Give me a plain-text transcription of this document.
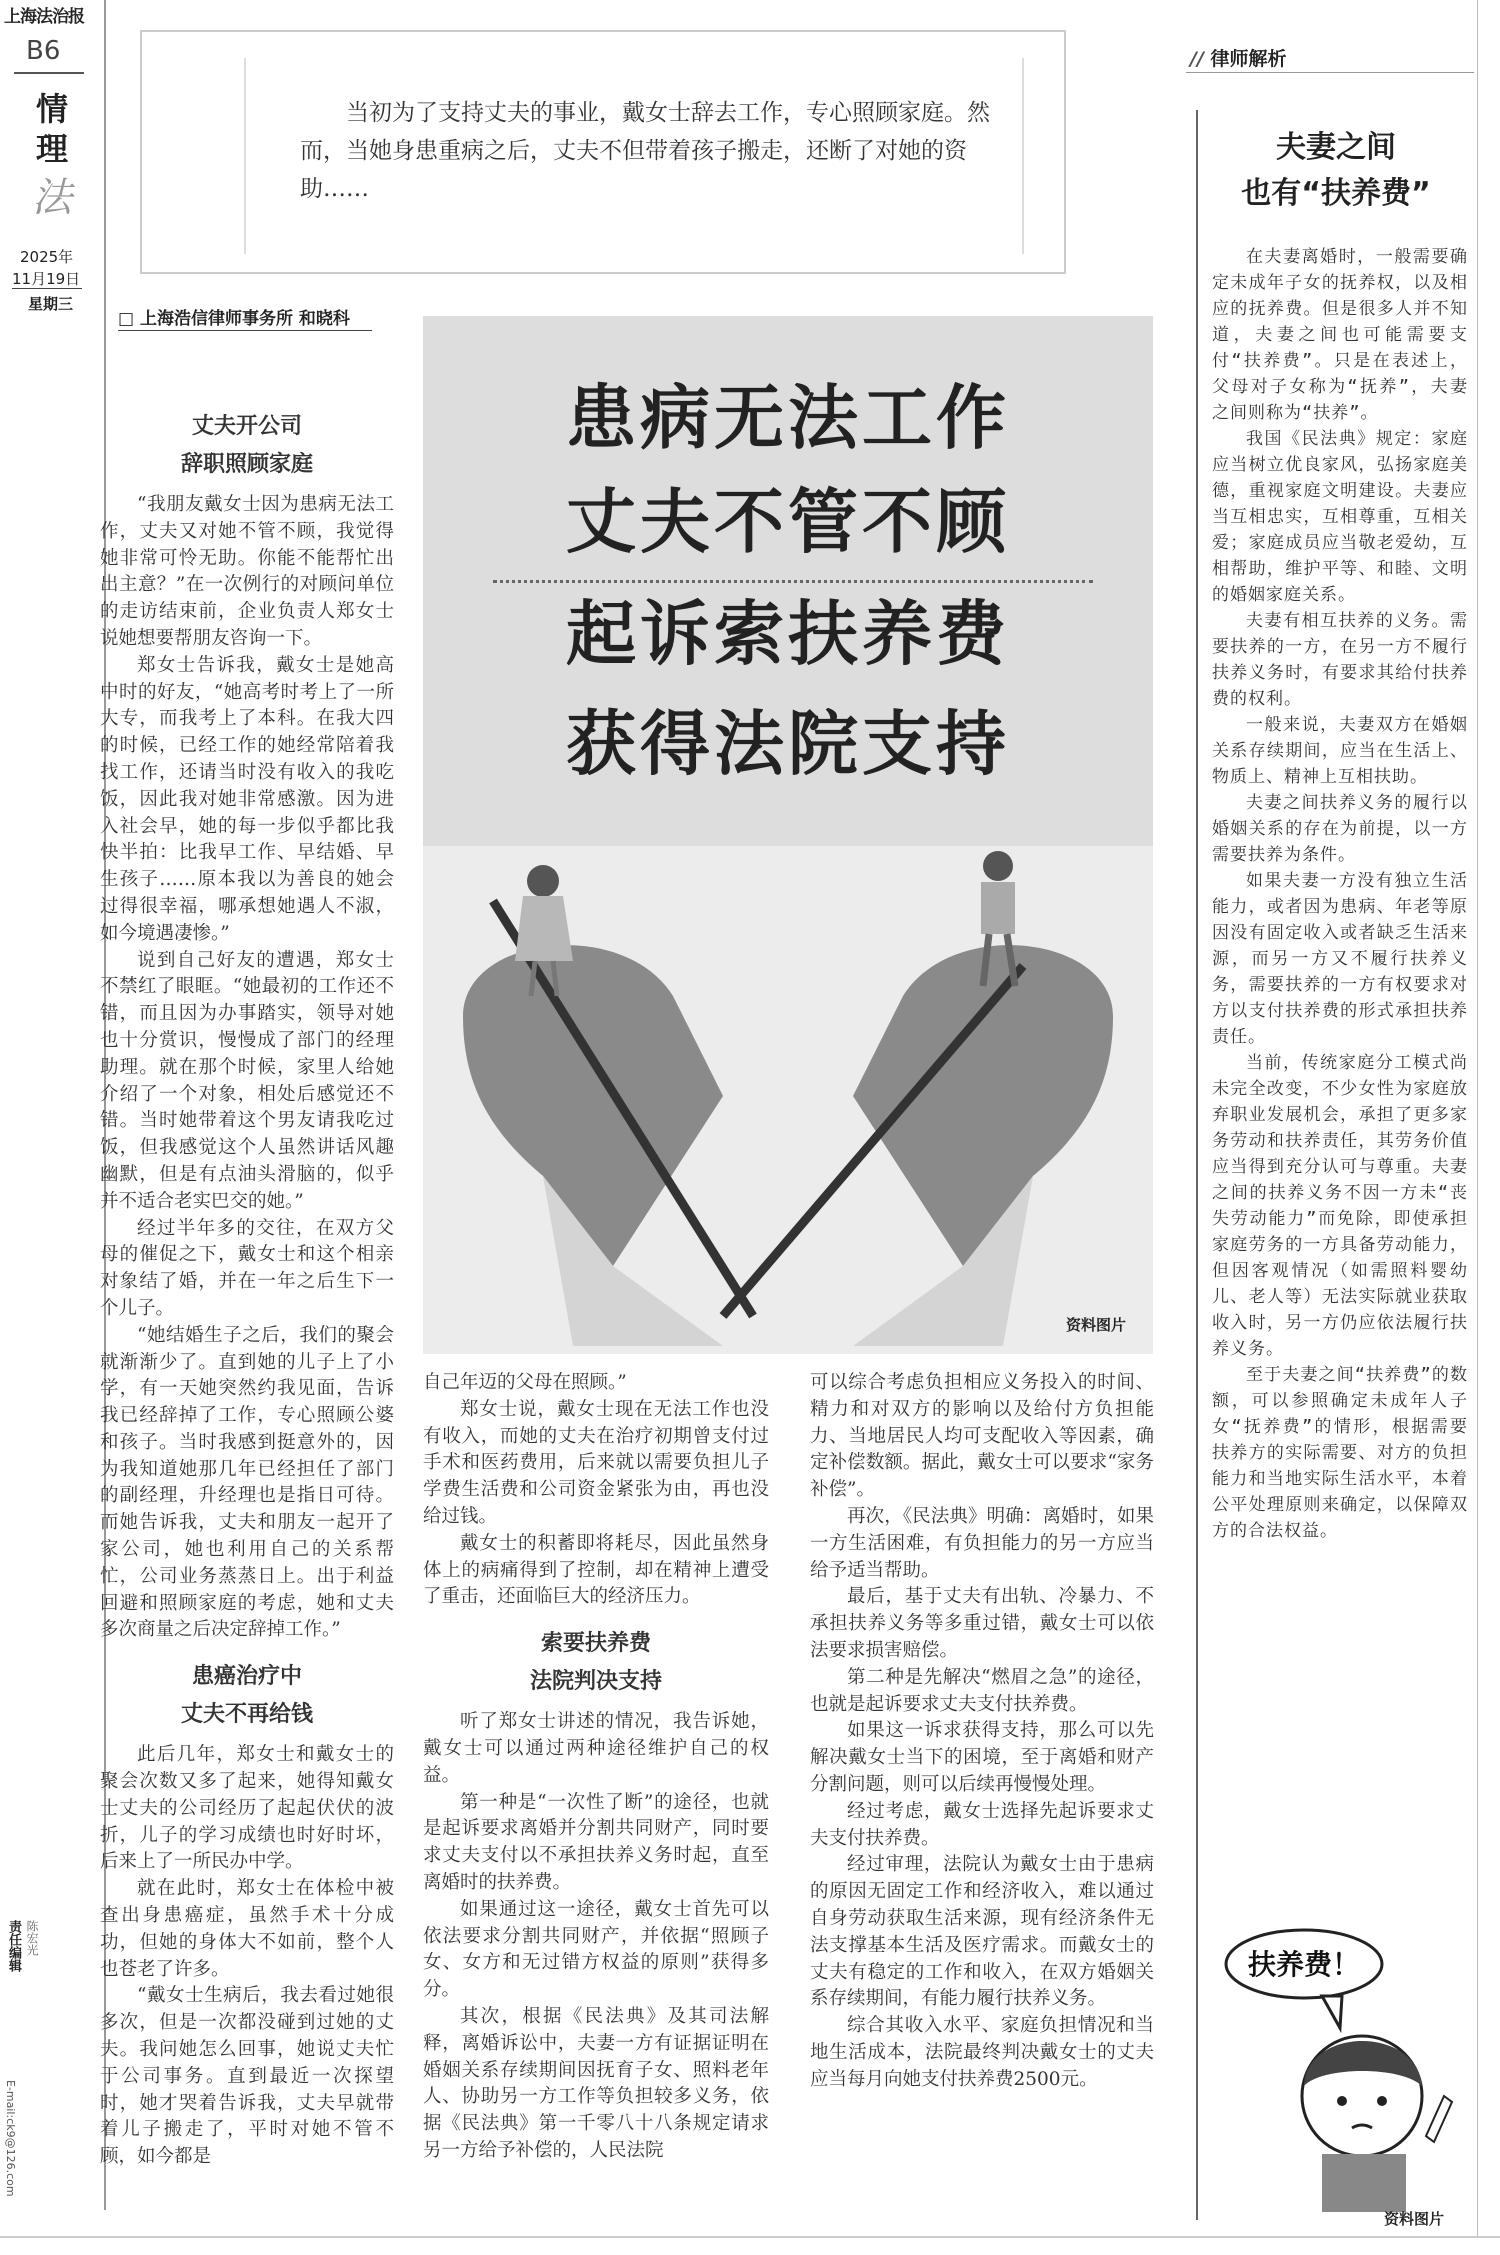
上海法治报
B6
情
理
法
2025年
11月19日
星期三
当初为了支持丈夫的事业，戴女士辞去工作，专心照顾家庭。然而，当她身患重病之后，丈夫不但带着孩子搬走，还断了对她的资助……
□ 上海浩信律师事务所 和晓科
患病无法工作
丈夫不管不顾
起诉索扶养费
获得法院支持
资料图片
丈夫开公司
辞职照顾家庭

“我朋友戴女士因为患病无法工作，丈夫又对她不管不顾，我觉得她非常可怜无助。你能不能帮忙出出主意？”在一次例行的对顾问单位的走访结束前，企业负责人郑女士说她想要帮朋友咨询一下。

郑女士告诉我，戴女士是她高中时的好友，“她高考时考上了一所大专，而我考上了本科。在我大四的时候，已经工作的她经常陪着我找工作，还请当时没有收入的我吃饭，因此我对她非常感激。因为进入社会早，她的每一步似乎都比我快半拍：比我早工作、早结婚、早生孩子……原本我以为善良的她会过得很幸福，哪承想她遇人不淑，如今境遇凄惨。”

说到自己好友的遭遇，郑女士不禁红了眼眶。“她最初的工作还不错，而且因为办事踏实，领导对她也十分赏识，慢慢成了部门的经理助理。就在那个时候，家里人给她介绍了一个对象，相处后感觉还不错。当时她带着这个男友请我吃过饭，但我感觉这个人虽然讲话风趣幽默，但是有点油头滑脑的，似乎并不适合老实巴交的她。”

经过半年多的交往，在双方父母的催促之下，戴女士和这个相亲对象结了婚，并在一年之后生下一个儿子。

“她结婚生子之后，我们的聚会就渐渐少了。直到她的儿子上了小学，有一天她突然约我见面，告诉我已经辞掉了工作，专心照顾公婆和孩子。当时我感到挺意外的，因为我知道她那几年已经担任了部门的副经理，升经理也是指日可待。而她告诉我，丈夫和朋友一起开了家公司，她也利用自己的关系帮忙，公司业务蒸蒸日上。出于利益回避和照顾家庭的考虑，她和丈夫多次商量之后决定辞掉工作。”

患癌治疗中
丈夫不再给钱

此后几年，郑女士和戴女士的聚会次数又多了起来，她得知戴女士丈夫的公司经历了起起伏伏的波折，儿子的学习成绩也时好时坏，后来上了一所民办中学。

就在此时，郑女士在体检中被查出身患癌症，虽然手术十分成功，但她的身体大不如前，整个人也苍老了许多。

“戴女士生病后，我去看过她很多次，但是一次都没碰到过她的丈夫。我问她怎么回事，她说丈夫忙于公司事务。直到最近一次探望时，她才哭着告诉我，丈夫早就带着儿子搬走了，平时对她不管不顾，如今都是

自己年迈的父母在照顾。”

郑女士说，戴女士现在无法工作也没有收入，而她的丈夫在治疗初期曾支付过手术和医药费用，后来就以需要负担儿子学费生活费和公司资金紧张为由，再也没给过钱。

戴女士的积蓄即将耗尽，因此虽然身体上的病痛得到了控制，却在精神上遭受了重击，还面临巨大的经济压力。

索要扶养费
法院判决支持

听了郑女士讲述的情况，我告诉她，戴女士可以通过两种途径维护自己的权益。

第一种是“一次性了断”的途径，也就是起诉要求离婚并分割共同财产，同时要求丈夫支付以不承担扶养义务时起，直至离婚时的扶养费。

如果通过这一途径，戴女士首先可以依法要求分割共同财产，并依据“照顾子女、女方和无过错方权益的原则”获得多分。

其次，根据《民法典》及其司法解释，离婚诉讼中，夫妻一方有证据证明在婚姻关系存续期间因抚育子女、照料老年人、协助另一方工作等负担较多义务，依据《民法典》第一千零八十八条规定请求另一方给予补偿的，人民法院

可以综合考虑负担相应义务投入的时间、精力和对双方的影响以及给付方负担能力、当地居民人均可支配收入等因素，确定补偿数额。据此，戴女士可以要求“家务补偿”。

再次，《民法典》明确：离婚时，如果一方生活困难，有负担能力的另一方应当给予适当帮助。

最后，基于丈夫有出轨、冷暴力、不承担扶养义务等多重过错，戴女士可以依法要求损害赔偿。

第二种是先解决“燃眉之急”的途径，也就是起诉要求丈夫支付扶养费。

如果这一诉求获得支持，那么可以先解决戴女士当下的困境，至于离婚和财产分割问题，则可以后续再慢慢处理。

经过考虑，戴女士选择先起诉要求丈夫支付扶养费。

经过审理，法院认为戴女士由于患病的原因无固定工作和经济收入，难以通过自身劳动获取生活来源，现有经济条件无法支撑基本生活及医疗需求。而戴女士的丈夫有稳定的工作和收入，在双方婚姻关系存续期间，有能力履行扶养义务。

综合其收入水平、家庭负担情况和当地生活成本，法院最终判决戴女士的丈夫应当每月向她支付扶养费2500元。

// 律师解析
夫妻之间
也有“扶养费”

在夫妻离婚时，一般需要确定未成年子女的抚养权，以及相应的抚养费。但是很多人并不知道，夫妻之间也可能需要支付“扶养费”。只是在表述上，父母对子女称为“抚养”，夫妻之间则称为“扶养”。

我国《民法典》规定：家庭应当树立优良家风，弘扬家庭美德，重视家庭文明建设。夫妻应当互相忠实，互相尊重，互相关爱；家庭成员应当敬老爱幼，互相帮助，维护平等、和睦、文明的婚姻家庭关系。

夫妻有相互扶养的义务。需要扶养的一方，在另一方不履行扶养义务时，有要求其给付扶养费的权利。

一般来说，夫妻双方在婚姻关系存续期间，应当在生活上、物质上、精神上互相扶助。

夫妻之间扶养义务的履行以婚姻关系的存在为前提，以一方需要扶养为条件。

如果夫妻一方没有独立生活能力，或者因为患病、年老等原因没有固定收入或者缺乏生活来源，而另一方又不履行扶养义务，需要扶养的一方有权要求对方以支付扶养费的形式承担扶养责任。

当前，传统家庭分工模式尚未完全改变，不少女性为家庭放弃职业发展机会，承担了更多家务劳动和扶养责任，其劳务价值应当得到充分认可与尊重。夫妻之间的扶养义务不因一方未“丧失劳动能力”而免除，即使承担家庭劳务的一方具备劳动能力，但因客观情况（如需照料婴幼儿、老人等）无法实际就业获取收入时，另一方仍应依法履行扶养义务。

至于夫妻之间“扶养费”的数额，可以参照确定未成年人子女“抚养费”的情形，根据需要扶养方的实际需要、对方的负担能力和当地实际生活水平，本着公平处理原则来确定，以保障双方的合法权益。

扶养费！
资料图片
责任编辑 陈宏光
E-mail:ck9@126.com
